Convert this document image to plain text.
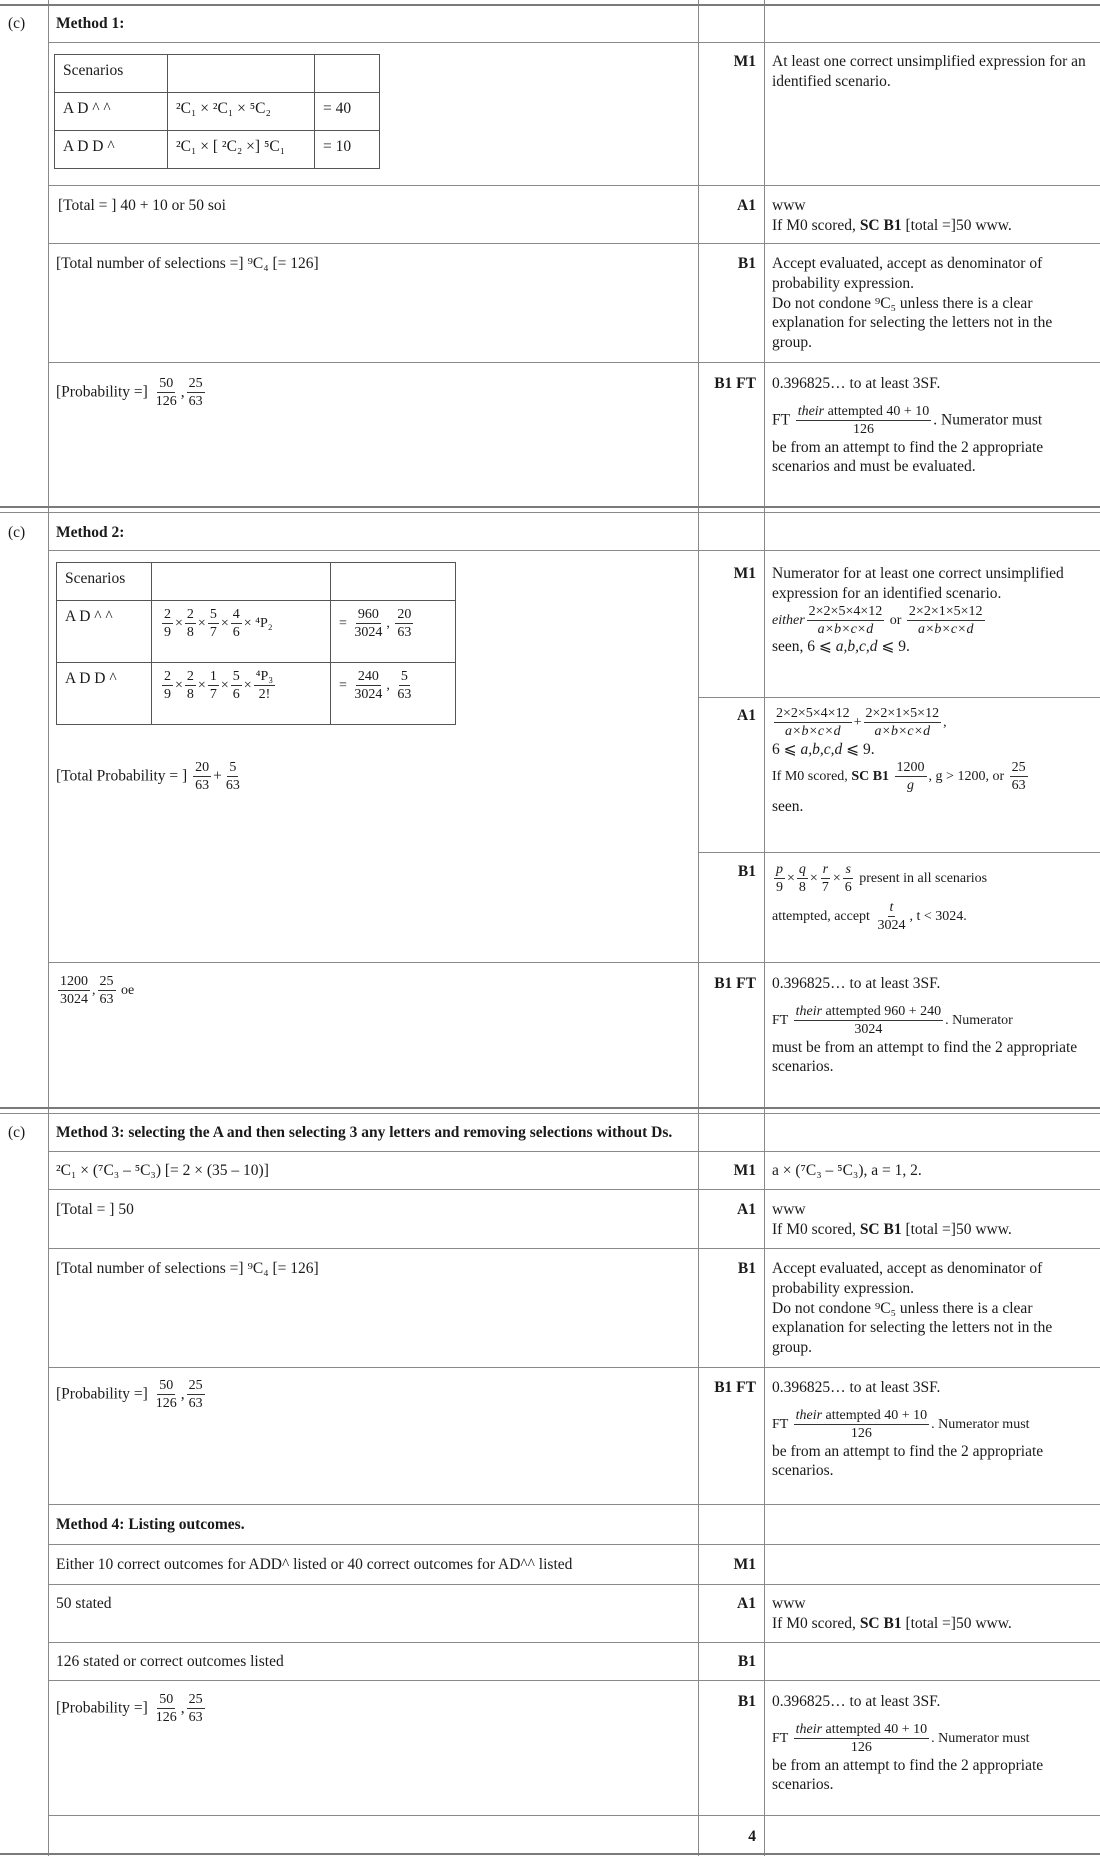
(c) Method 1:
Scenarios		
A D ^ ^	²C₁ × ²C₁ × ⁵C₂	= 40
A D D ^	²C₁ × [ ²C₂ ×] ⁵C₁	= 10
M1 At least one correct unsimplified expression for an identified scenario.
[Total = ] 40 + 10 or 50 soi	A1 www
If M0 scored, SC B1 [total =]50 www.
[Total number of selections =] ⁹C₄ [= 126]	B1 Accept evaluated, accept as denominator of probability expression.
Do not condone ⁹C₅ unless there is a clear explanation for selecting the letters not in the group.
[Probability =] $\frac{50}{126}$ , $\frac{25}{63}$	B1 FT 0.396825… to at least 3SF.
FT $\frac{\text{their attempted 40 + 10}}{126}$ . Numerator must
be from an attempt to find the 2 appropriate scenarios and must be evaluated.
(c) Method 2:
Scenarios		
A D ^ ^	$\frac{2}{9} \times \frac{2}{8} \times \frac{5}{7} \times \frac{4}{6} \times ^4P_2$	= $\frac{960}{3024}$ , $\frac{20}{63}$

A D D ^	$\frac{2}{9} \times \frac{2}{8} \times \frac{1}{7} \times \frac{5}{6} \times \frac{\text{⁴P₃}}{2!}$	= $\frac{240}{3024}$ , $\frac{5}{63}$
[Total Probability = ] $\frac{20}{63} + \frac{5}{63}$
M1 Numerator for at least one correct unsimplified expression for an identified scenario.
either $\frac{2\times 2\times 5\times 4\times 12}{a\times b\times c\times d}$ or $\frac{2\times 2\times 1\times 5\times 12}{a\times b\times c\times d}$
seen, 6 ⩽ a,b,c,d ⩽ 9.
$A1 \frac{2\times 2\times 5\times 4\times 12}{a\times b\times c\times d} + \frac{2\times 2\times 1\times 5\times 12}{a\times b\times c\times d}$ ,
6 ⩽ a,b,c,d ⩽ 9.
If M0 scored, SC $B1 \frac{1200}{g}$ , g > 1200, or $\frac{25}{63}$
seen.
$B1 \frac{p}{9} \times \frac{q}{8} \times \frac{r}{7} \times \frac{s}{6}$ present in all scenarios
attempted, accept $\frac{t}{3024}$ , t < 3024.
$\frac{1200}{3024}$ , $\frac{25}{63}$ oe	B1 FT 0.396825… to at least 3SF.
FT $\frac{\text{their attempted 960 + 240}}{3024}$ . Numerator
must be from an attempt to find the 2 appropriate scenarios.
(c) Method 3: selecting the A and then selecting 3 any letters and removing selections without Ds.
²C₁ × (⁷C₃ – ⁵C₃) [= 2 × (35 – 10)]	M1 a × (⁷C₃ – ⁵C₃), a = 1, 2.
[Total = ] 50	A1 www
If M0 scored, SC B1 [total =]50 www.
[Total number of selections =] ⁹C₄ [= 126]	B1 Accept evaluated, accept as denominator of probability expression.
Do not condone ⁹C₅ unless there is a clear explanation for selecting the letters not in the group.
[Probability =] $\frac{50}{126}$ , $\frac{25}{63}$	B1 FT 0.396825… to at least 3SF.
FT $\frac{\text{their attempted 40 + 10}}{126}$ . Numerator must
be from an attempt to find the 2 appropriate scenarios.
Method 4: Listing outcomes.
Either 10 correct outcomes for ADD^ listed or 40 correct outcomes for AD^^ listed	M1
50 stated	A1 www
If M0 scored, SC B1 [total =]50 www.
126 stated or correct outcomes listed	B1
[Probability =] $\frac{50}{126}$ , $\frac{25}{63}$	B1 0.396825… to at least 3SF.
FT $\frac{\text{their attempted 40 + 10}}{126}$ . Numerator must
be from an attempt to find the 2 appropriate scenarios.
4
